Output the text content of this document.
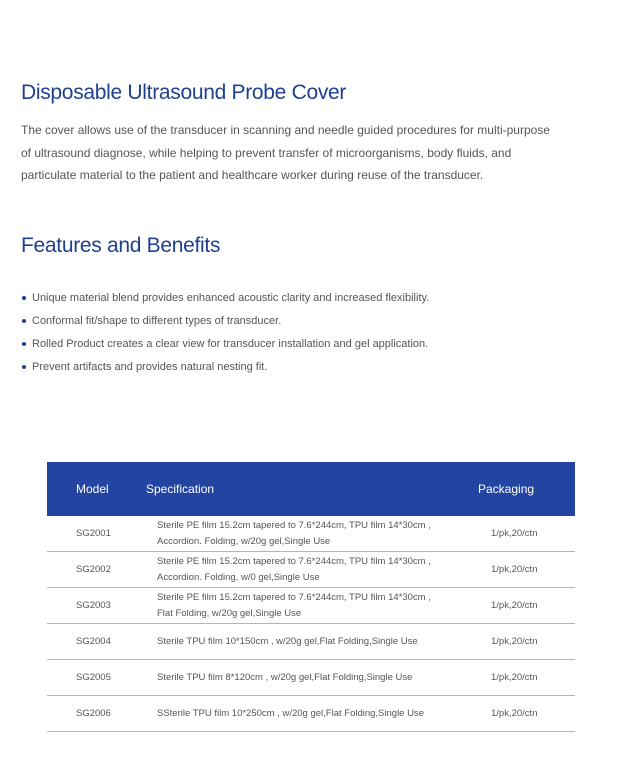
Disposable Ultrasound Probe Cover
The cover allows use of the transducer in scanning and needle guided procedures for multi-purpose
of ultrasound diagnose, while helping to prevent transfer of microorganisms, body fluids, and
particulate material to the patient and healthcare worker during reuse of the transducer.
Features and Benefits
Unique material blend provides enhanced acoustic clarity and increased flexibility.
Conformal fit/shape to different types of transducer.
Rolled Product creates a clear view for transducer installation and gel application.
Prevent artifacts and provides natural nesting fit.
Model	Specification	Packaging
SG2001	Sterile PE film 15.2cm tapered to 7.6*244cm, TPU film 14*30cm ,
Accordion. Folding, w/20g gel,Single Use	1/pk,20/ctn
SG2002	Sterile PE film 15.2cm tapered to 7.6*244cm, TPU film 14*30cm ,
Accordion. Folding, w/0 gel,Single Use	1/pk,20/ctn
SG2003	Sterile PE film 15.2cm tapered to 7.6*244cm, TPU film 14*30cm ,
Flat Folding, w/20g gel,Single Use	1/pk,20/ctn
SG2004	Sterile TPU film 10*150cm , w/20g gel,Flat Folding,Single Use	1/pk,20/ctn
SG2005	Sterile TPU film 8*120cm , w/20g gel,Flat Folding,Single Use	1/pk,20/ctn
SG2006	SSterile TPU film 10*250cm , w/20g gel,Flat Folding,Single Use	1/pk,20/ctn
